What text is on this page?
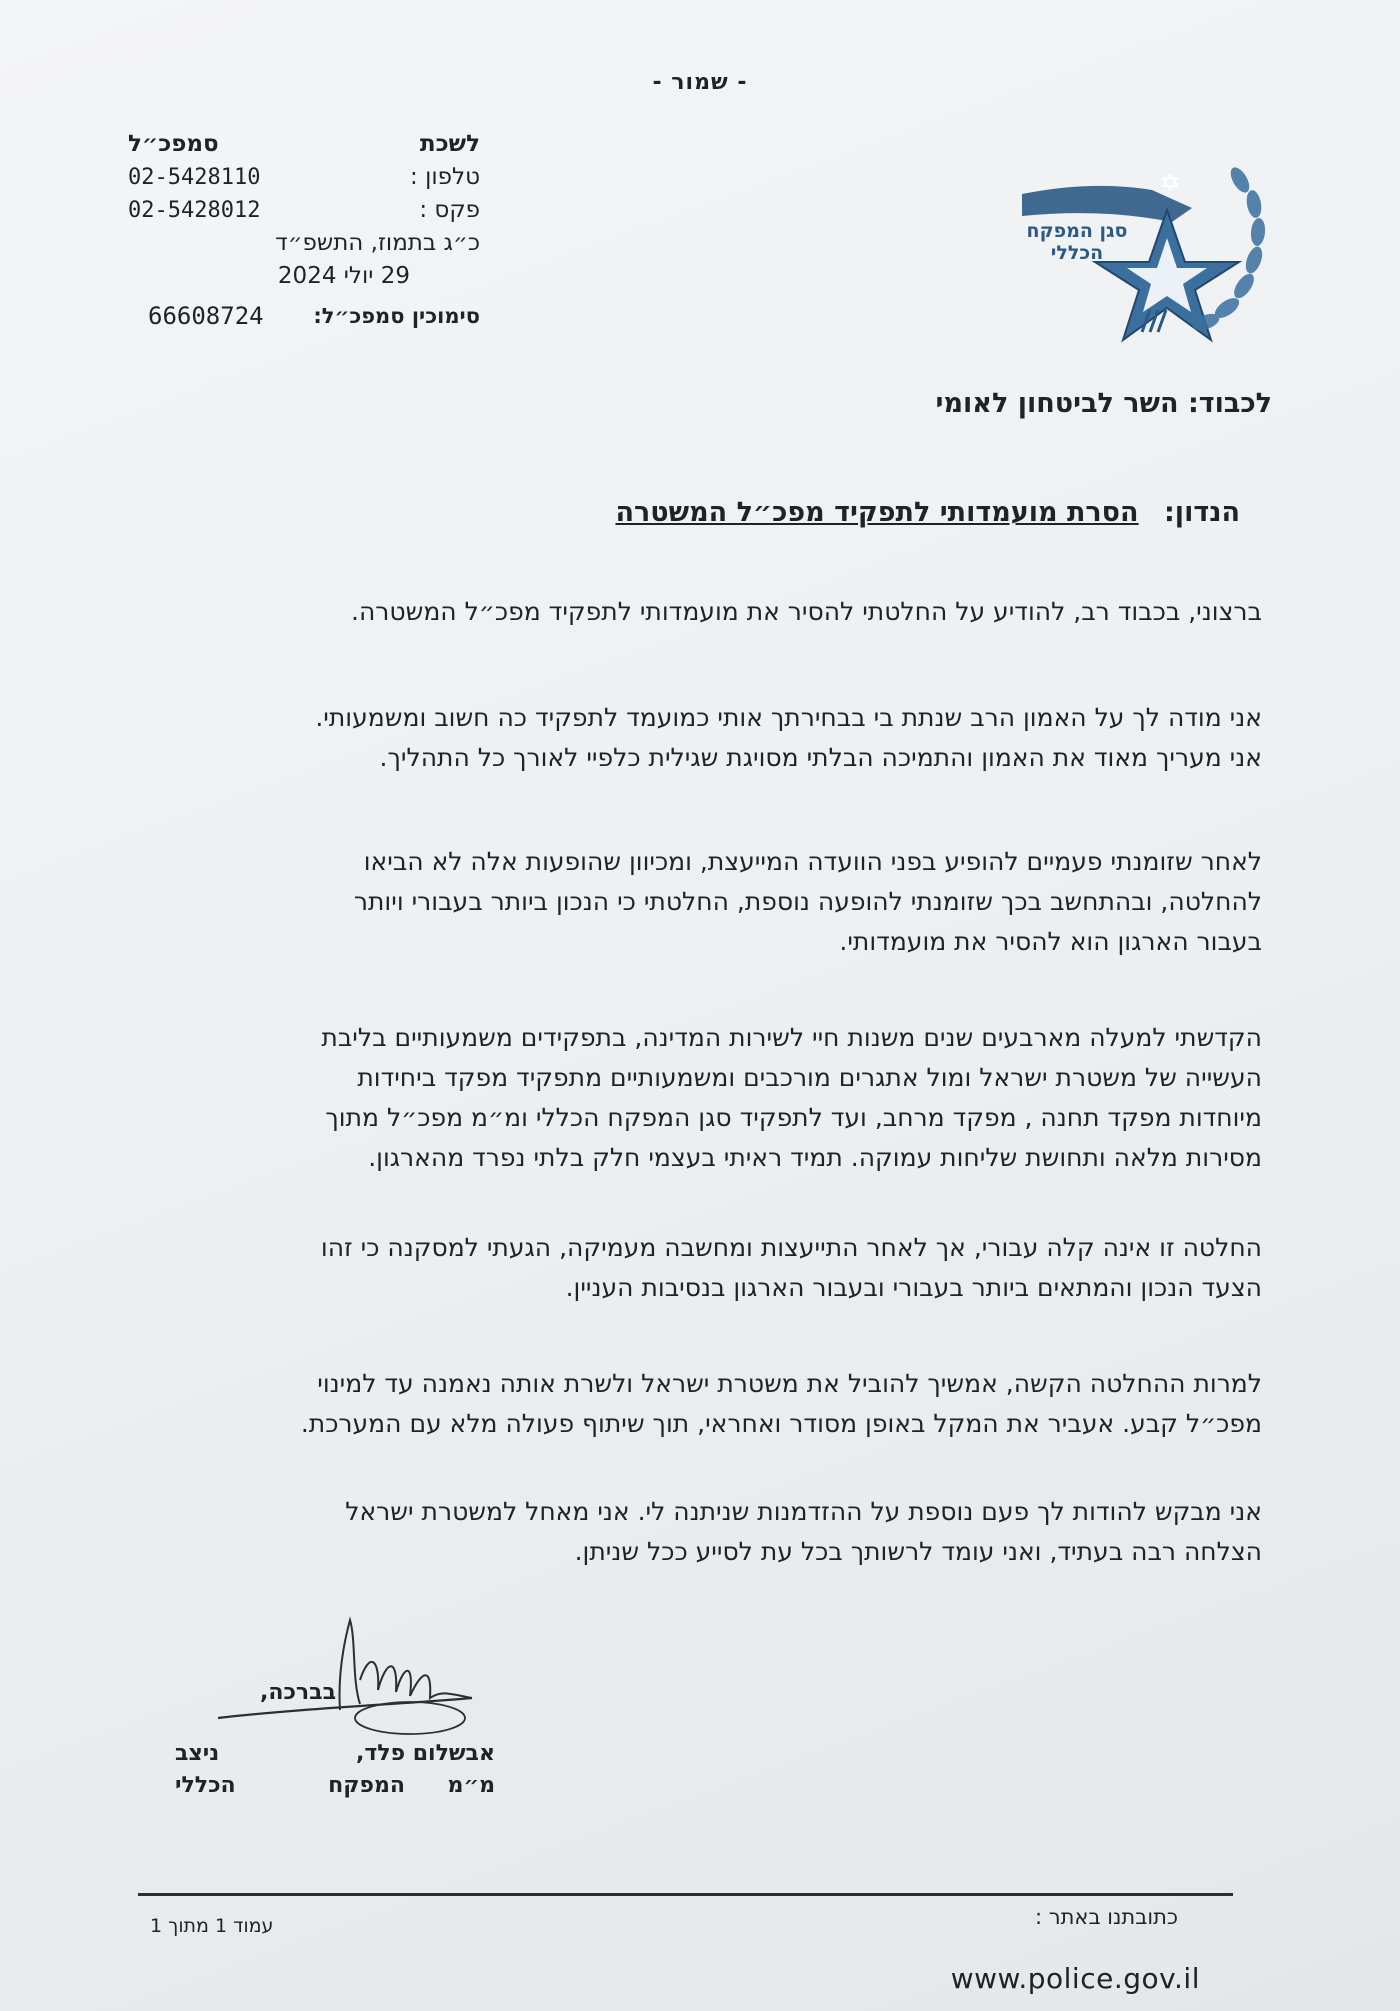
- שמור -
סגן המפקח הכללי
לשכת
סמפכ״ל
טלפון :
02-5428110
פקס :
02-5428012
כ״ג בתמוז, התשפ״ד
29 יולי 2024
סימוכין סמפכ״ל:
66608724
לכבוד: השר לביטחון לאומי
הנדון: הסרת מועמדותי לתפקיד מפכ״ל המשטרה
ברצוני, בכבוד רב, להודיע על החלטתי להסיר את מועמדותי לתפקיד מפכ״ל המשטרה.
אני מודה לך על האמון הרב שנתת בי בבחירתך אותי כמועמד לתפקיד כה חשוב ומשמעותי.
אני מעריך מאוד את האמון והתמיכה הבלתי מסויגת שגילית כלפיי לאורך כל התהליך.
לאחר שזומנתי פעמיים להופיע בפני הוועדה המייעצת, ומכיוון שהופעות אלה לא הביאו
להחלטה, ובהתחשב בכך שזומנתי להופעה נוספת, החלטתי כי הנכון ביותר בעבורי ויותר
בעבור הארגון הוא להסיר את מועמדותי.
הקדשתי למעלה מארבעים שנים משנות חיי לשירות המדינה, בתפקידים משמעותיים בליבת
העשייה של משטרת ישראל ומול אתגרים מורכבים ומשמעותיים מתפקיד מפקד ביחידות
מיוחדות מפקד תחנה , מפקד מרחב, ועד לתפקיד סגן המפקח הכללי ומ״מ מפכ״ל מתוך
מסירות מלאה ותחושת שליחות עמוקה. תמיד ראיתי בעצמי חלק בלתי נפרד מהארגון.
החלטה זו אינה קלה עבורי, אך לאחר התייעצות ומחשבה מעמיקה, הגעתי למסקנה כי זהו
הצעד הנכון והמתאים ביותר בעבורי ובעבור הארגון בנסיבות העניין.
למרות ההחלטה הקשה, אמשיך להוביל את משטרת ישראל ולשרת אותה נאמנה עד למינוי
מפכ״ל קבע. אעביר את המקל באופן מסודר ואחראי, תוך שיתוף פעולה מלא עם המערכת.
אני מבקש להודות לך פעם נוספת על ההזדמנות שניתנה לי. אני מאחל למשטרת ישראל
הצלחה רבה בעתיד, ואני עומד לרשותך בכל עת לסייע ככל שניתן.
בברכה,
אבשלום פלד,
ניצב
מ״מ
המפקח
הכללי
כתובתנו באתר :
עמוד 1 מתוך 1
www.police.gov.il
